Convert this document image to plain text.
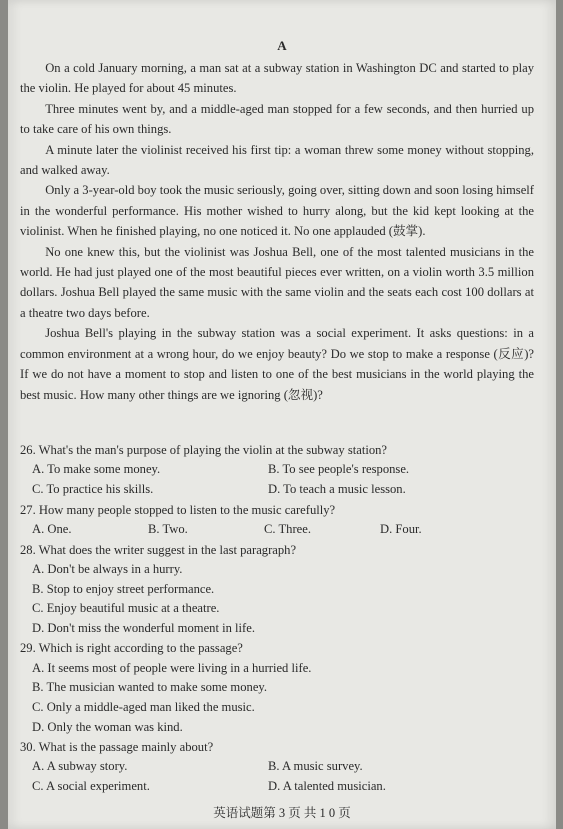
A

On a cold January morning, a man sat at a subway station in Washington DC and started to play the violin. He played for about 45 minutes.

Three minutes went by, and a middle-aged man stopped for a few seconds, and then hurried up to take care of his own things.

A minute later the violinist received his first tip: a woman threw some money without stopping, and walked away.

Only a 3-year-old boy took the music seriously, going over, sitting down and soon losing himself in the wonderful performance. His mother wished to hurry along, but the kid kept looking at the violinist. When he finished playing, no one noticed it. No one applauded (鼓掌).

No one knew this, but the violinist was Joshua Bell, one of the most talented musicians in the world. He had just played one of the most beautiful pieces ever written, on a violin worth 3.5 million dollars. Joshua Bell played the same music with the same violin and the seats each cost 100 dollars at a theatre two days before.

Joshua Bell's playing in the subway station was a social experiment. It asks questions: in a common environment at a wrong hour, do we enjoy beauty? Do we stop to make a response (反应)? If we do not have a moment to stop and listen to one of the best musicians in the world playing the best music. How many other things are we ignoring (忽视)?

26. What's the man's purpose of playing the violin at the subway station?
A. To make some money.	B. To see people's response.
C. To practice his skills.	D. To teach a music lesson.
27. How many people stopped to listen to the music carefully?
A. One.	B. Two.	C. Three.	D. Four.
28. What does the writer suggest in the last paragraph?
A. Don't be always in a hurry.
B. Stop to enjoy street performance.
C. Enjoy beautiful music at a theatre.
D. Don't miss the wonderful moment in life.
29. Which is right according to the passage?
A. It seems most of people were living in a hurried life.
B. The musician wanted to make some money.
C. Only a middle-aged man liked the music.
D. Only the woman was kind.
30. What is the passage mainly about?
A. A subway story.	B. A music survey.
C. A social experiment.	D. A talented musician.
英语试题第 3 页 共 1 0 页
